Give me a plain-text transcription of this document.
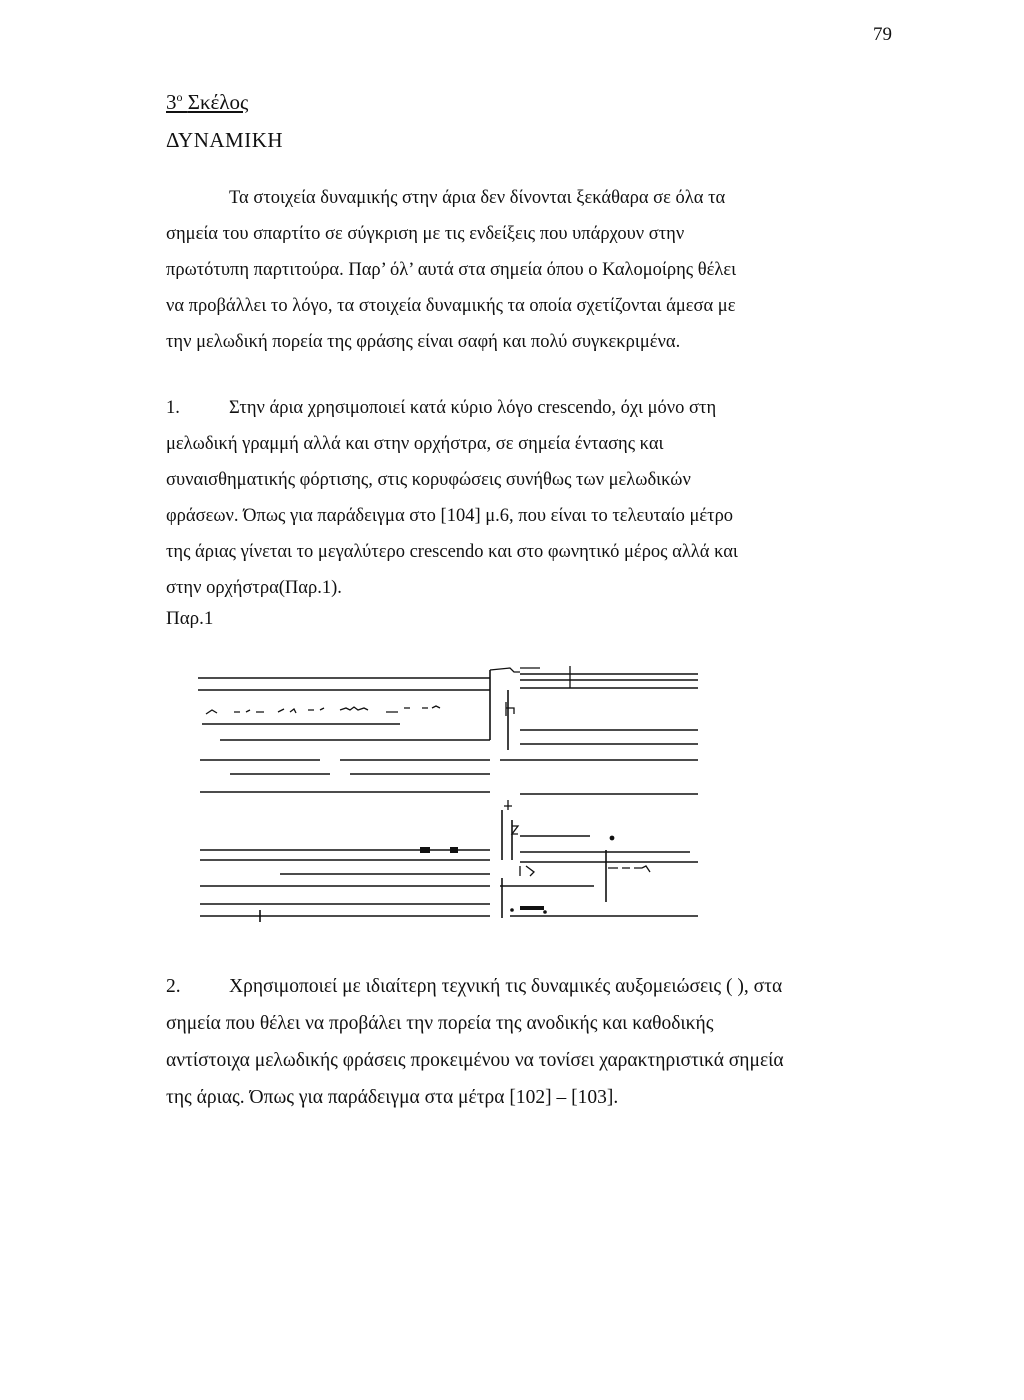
79
3$^o$ Σκέλος
ΔΥΝΑΜΙΚΗ
Τα στοιχεία δυναμικής στην άρια δεν δίνονται ξεκάθαρα σε όλα τα
σημεία του σπαρτίτο σε σύγκριση με τις ενδείξεις που υπάρχουν στην
πρωτότυπη παρτιτούρα. Παρ’ όλ’ αυτά στα σημεία όπου ο Καλομοίρης θέλει
να προβάλλει το λόγο, τα στοιχεία δυναμικής τα οποία σχετίζονται άμεσα με
την μελωδική πορεία της φράσης είναι σαφή και πολύ συγκεκριμένα.
1.	Στην άρια χρησιμοποιεί κατά κύριο λόγο crescendo, όχι μόνο στη
μελωδική γραμμή αλλά και στην ορχήστρα, σε σημεία έντασης και
συναισθηματικής φόρτισης, στις κορυφώσεις συνήθως των μελωδικών
φράσεων. Όπως για παράδειγμα στο [104] μ.6, που είναι το τελευταίο μέτρο
της άριας γίνεται το μεγαλύτερο crescendo και στο φωνητικό μέρος αλλά και
στην ορχήστρα(Παρ.1).
Παρ.1
2. Χρησιμοποιεί με ιδιαίτερη τεχνική τις δυναμικές αυξομειώσεις ( ), στα
σημεία που θέλει να προβάλει την πορεία της ανοδικής και καθοδικής
αντίστοιχα μελωδικής φράσεις προκειμένου να τονίσει χαρακτηριστικά σημεία
της άριας. Όπως για παράδειγμα στα μέτρα [102] – [103].
